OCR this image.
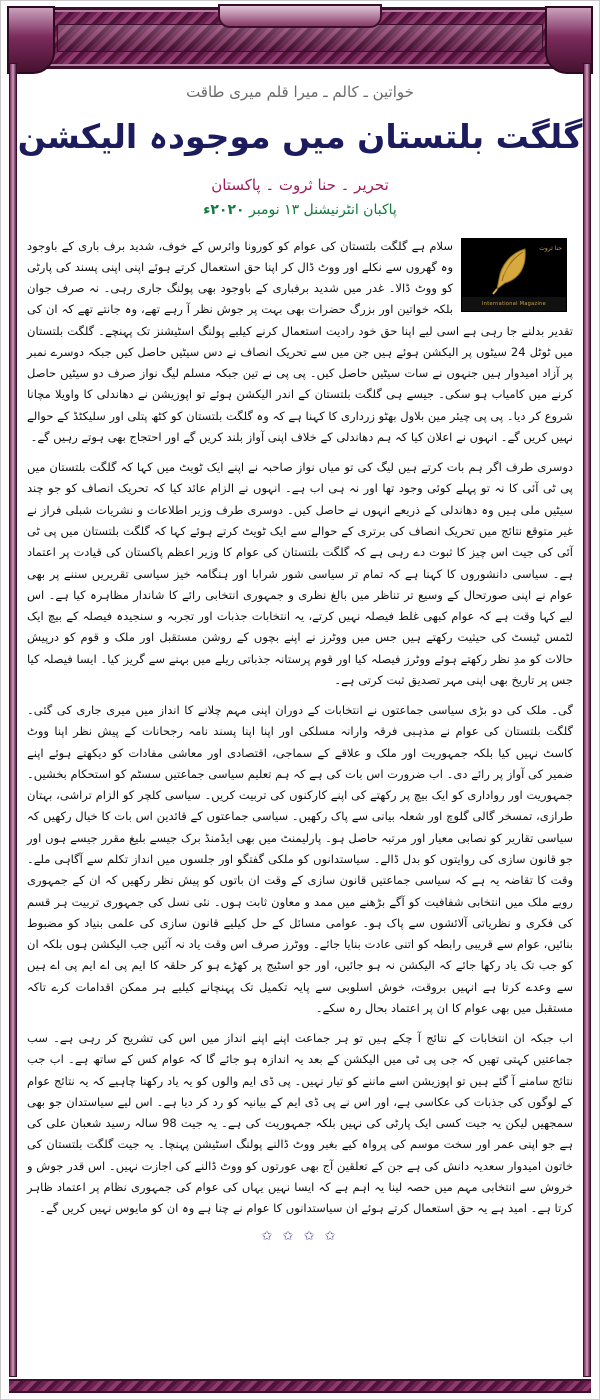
خواتین ـ کالم ـ میرا قلم میری طاقت
گلگت بلتستان میں موجودہ الیکشن
تحریر ۔ حنا ثروت ۔ پاکستان
پاکبان انٹرنیشنل ۱۳ نومبر ۲۰۲۰ء

حنا ثروت
International Magazine
سلام ہے گلگت بلتستان کی عوام کو کورونا وائرس کے خوف، شدید برف باری کے باوجود وہ گھروں سے نکلے اور ووٹ ڈال کر اپنا حق استعمال کرتے ہوئے اپنی اپنی پسند کی پارٹی کو ووٹ ڈالا۔ غدر میں شدید برفباری کے باوجود بھی پولنگ جاری رہی۔ نہ صرف جوان بلکہ خواتین اور بزرگ حضرات بھی بہت پر جوش نظر آ رہے تھے، وہ جانتے تھے کہ ان کی تقدیر بدلنے جا رہی ہے اسی لیے اپنا حق خود رادیت استعمال کرنے کیلیے پولنگ اسٹیشنز تک پہنچے۔ گلگت بلتستان میں ٹوٹل 24 سیٹوں پر الیکشن ہوئے ہیں جن میں سے تحریک انصاف نے دس سیٹیں حاصل کیں جبکہ دوسرے نمبر پر آزاد امیدوار ہیں جنہوں نے سات سیٹیں حاصل کیں۔ پی پی نے تین جبکہ مسلم لیگ نواز صرف دو سیٹیں حاصل کرنے میں کامیاب ہو سکی۔ جیسے ہی گلگت بلتستان کے اندر الیکشن ہوئے تو اپوزیشن نے دھاندلی کا واویلا مچانا شروع کر دیا۔ پی پی چیئر مین بلاول بھٹو زرداری کا کہنا ہے کہ وہ گلگت بلتستان کو کٹھ پتلی اور سلیکٹڈ کے حوالے نہیں کریں گے۔ انہوں نے اعلان کیا کہ ہم دھاندلی کے خلاف اپنی آواز بلند کریں گے اور احتجاج بھی ہوتے رہیں گے۔

دوسری طرف اگر ہم بات کرتے ہیں لیگ کی تو میاں نواز صاحبہ نے اپنے ایک ٹویٹ میں کہا کہ گلگت بلتستان میں پی ٹی آئی کا نہ تو پہلے کوئی وجود تھا اور نہ ہی اب ہے۔ انہوں نے الزام عائد کیا کہ تحریک انصاف کو جو چند سیٹیں ملی ہیں وہ دھاندلی کے ذریعے انہوں نے حاصل کیں۔ دوسری طرف وزیر اطلاعات و نشریات شبلی فراز نے غیر متوقع نتائج میں تحریک انصاف کی برتری کے حوالے سے ایک ٹویٹ کرتے ہوئے کہا کہ گلگت بلتستان میں پی ٹی آئی کی جیت اس چیز کا ثبوت دے رہی ہے کہ گلگت بلتستان کی عوام کا وزیر اعظم پاکستان کی قیادت پر اعتماد ہے۔ سیاسی دانشوروں کا کہنا ہے کہ تمام تر سیاسی شور شرابا اور ہنگامہ خیز سیاسی تقریریں سننے پر بھی عوام نے اپنی صورتحال کے وسیع تر تناظر میں بالغ نظری و جمہوری انتخابی رائے کا شاندار مظاہرہ کیا ہے۔ اس لیے کہا وقت ہے کہ عوام کبھی غلط فیصلہ نہیں کرتے، یہ انتخابات جذبات اور تجربہ و سنجیدہ فیصلہ کے بیچ ایک لٹمس ٹیسٹ کی حیثیت رکھتے ہیں جس میں ووٹرز نے اپنے بچوں کے روشن مستقبل اور ملک و قوم کو درپیش حالات کو مدِ نظر رکھتے ہوئے ووٹرز فیصلہ کیا اور قوم پرستانہ جذباتی ریلے میں بہنے سے گریز کیا۔ ایسا فیصلہ کیا جس پر تاریخ بھی اپنی مہر تصدیق ثبت کرتی ہے۔

گی۔ ملک کی دو بڑی سیاسی جماعتوں نے انتخابات کے دوران اپنی مہم چلانے کا انداز میں میری جاری کی گئی۔ گلگت بلتستان کی عوام نے مذہبی فرقہ وارانہ مسلکی اور اپنا اپنا پسند نامہ رجحانات کے پیش نظر اپنا ووٹ کاسٹ نہیں کیا بلکہ جمہوریت اور ملک و علاقے کے سماجی، اقتصادی اور معاشی مفادات کو دیکھتے ہوئے اپنے ضمیر کی آواز پر رائے دی۔ اب ضرورت اس بات کی ہے کہ ہم تعلیم سیاسی جماعتیں سسٹم کو استحکام بخشیں۔ جمہوریت اور رواداری کو ایک بیچ پر رکھتے کی اپنے کارکنوں کی تربیت کریں۔ سیاسی کلچر کو الزام تراشی، بہتان طرازی، تمسخر گالی گلوچ اور شعلہ بیانی سے پاک رکھیں۔ سیاسی جماعتوں کے قائدین اس بات کا خیال رکھیں کہ سیاسی تقاریر کو نصابی معیار اور مرتبہ حاصل ہو۔ پارلیمنٹ میں بھی ایڈمنڈ برک جیسے بلیغ مقرر جیسے ہوں اور جو قانون سازی کی روایتوں کو بدل ڈالے۔ سیاستدانوں کو ملکی گفتگو اور جلسوں میں انداز تکلم سے آگاہی ملے۔ وقت کا تقاضہ یہ ہے کہ سیاسی جماعتیں قانون سازی کے وقت ان باتوں کو پیش نظر رکھیں کہ ان کے جمہوری رویے ملک میں انتخابی شفافیت کو آگے بڑھنے میں ممد و معاون ثابت ہوں۔ نئی نسل کی جمہوری تربیت ہر قسم کی فکری و نظریاتی آلائشوں سے پاک ہو۔ عوامی مسائل کے حل کیلیے قانون سازی کی علمی بنیاد کو مضبوط بنائیں، عوام سے قریبی رابطہ کو اتنی عادت بنایا جائے۔ ووٹرز صرف اس وقت یاد نہ آئیں جب الیکشن ہوں بلکہ ان کو جب تک یاد رکھا جائے کہ الیکشن نہ ہو جائیں، اور جو اسٹیج پر کھڑے ہو کر حلقہ کا ایم پی اے ایم پی اے ہیں سے وعدے کرتا ہے انہیں بروقت، خوش اسلوبی سے پایہ تکمیل تک پہنچانے کیلیے ہر ممکن اقدامات کرے تاکہ مستقبل میں بھی عوام کا ان پر اعتماد بحال رہ سکے۔

اب جبکہ ان انتخابات کے نتائج آ چکے ہیں تو ہر جماعت اپنے اپنے انداز میں اس کی تشریح کر رہی ہے۔ سب جماعتیں کہتی تھیں کہ جی پی ٹی میں الیکشن کے بعد یہ اندازہ ہو جائے گا کہ عوام کس کے ساتھ ہے۔ اب جب نتائج سامنے آ گئے ہیں تو اپوزیشن اسے ماننے کو تیار نہیں۔ پی ڈی ایم والوں کو یہ یاد رکھنا چاہیے کہ یہ نتائج عوام کے لوگوں کی جذبات کی عکاسی ہے، اور اس نے پی ڈی ایم کے بیانیہ کو رد کر دیا ہے۔ اس لیے سیاستدان جو بھی سمجھیں لیکن یہ جیت کسی ایک پارٹی کی نہیں بلکہ جمہوریت کی ہے۔ یہ جیت 98 سالہ رسید شعبان علی کی ہے جو اپنی عمر اور سخت موسم کی پرواہ کیے بغیر ووٹ ڈالنے پولنگ اسٹیشن پہنچا۔ یہ جیت گلگت بلتستان کی خاتون امیدوار سعدیہ دانش کی ہے جن کے تعلقین آج بھی عورتوں کو ووٹ ڈالنے کی اجازت نہیں۔ اس قدر جوش و خروش سے انتخابی مہم میں حصہ لینا یہ اہم ہے کہ ایسا نہیں یہاں کی عوام کی جمہوری نظام پر اعتماد ظاہر کرتا ہے۔ امید ہے یہ حق استعمال کرتے ہوئے ان سیاستدانوں کا عوام نے چنا ہے وہ ان کو مایوس نہیں کریں گے۔

✩ ✩ ✩ ✩
